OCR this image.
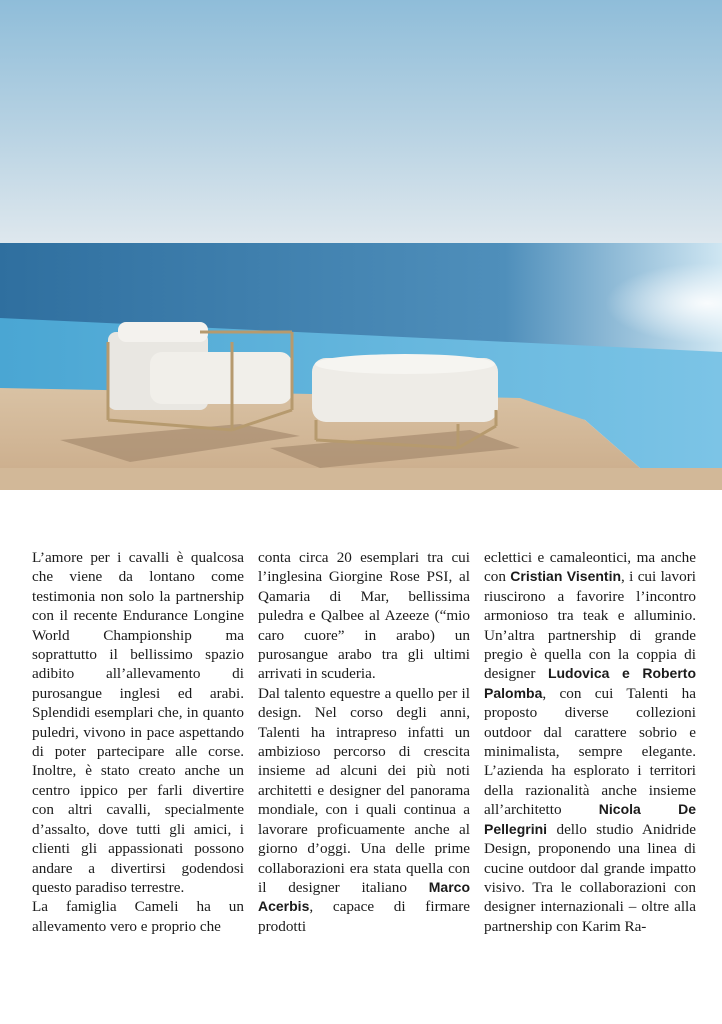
L’amore per i cavalli è qualcosa che viene da lontano come testimonia non solo la partnership con il recente Endurance Longine World Championship ma soprattutto il bellissimo spazio adibito all’allevamento di purosangue inglesi ed arabi. Splendidi esemplari che, in quanto puledri, vivono in pace aspettando di poter partecipare alle corse. Inoltre, è stato creato anche un centro ippico per farli divertire con altri cavalli, specialmente d’assalto, dove tutti gli amici, i clienti gli appassionati possono andare a divertirsi godendosi questo paradiso terrestre.

La famiglia Cameli ha un allevamento vero e proprio che

conta circa 20 esemplari tra cui l’inglesina Giorgine Rose PSI, al Qamaria di Mar, bellissima puledra e Qalbee al Azeeze (“mio caro cuore” in arabo) un purosangue arabo tra gli ultimi arrivati in scuderia.

Dal talento equestre a quello per il design. Nel corso degli anni, Talenti ha intrapreso infatti un ambizioso percorso di crescita insieme ad alcuni dei più noti architetti e designer del panorama mondiale, con i quali continua a lavorare proficuamente anche al giorno d’oggi. Una delle prime collaborazioni era stata quella con il designer italiano Marco Acerbis, capace di firmare prodotti

eclettici e camaleontici, ma anche con Cristian Visentin, i cui lavori riuscirono a favorire l’incontro armonioso tra teak e alluminio. Un’altra partnership di grande pregio è quella con la coppia di designer Ludovica e Roberto Palomba, con cui Talenti ha proposto diverse collezioni outdoor dal carattere sobrio e minimalista, sempre elegante. L’azienda ha esplorato i territori della razionalità anche insieme all’architetto Nicola De Pellegrini dello studio Anidride Design, proponendo una linea di cucine outdoor dal grande impatto visivo. Tra le collaborazioni con designer internazionali – oltre alla partnership con Karim Ra-
